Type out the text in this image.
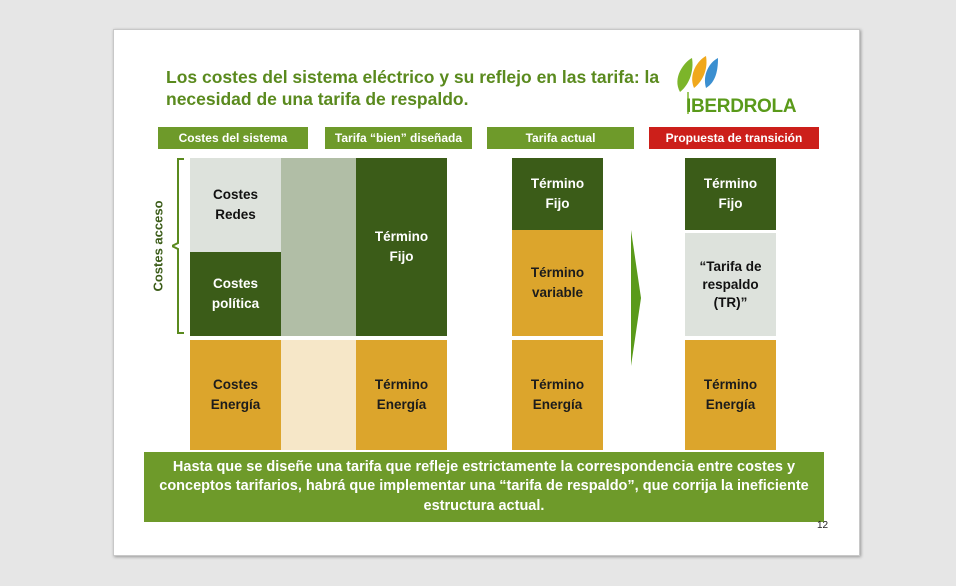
Los costes del sistema eléctrico y su reflejo en las tarifa: la necesidad de una tarifa de respaldo.	IBERDROLA
Costes del sistema	Tarifa “bien” diseñada	Tarifa actual	Propuesta de transición
Costes acceso
Costes Redes
Costes política
Costes
Energía
Término Fijo
Término Energía
Término Fijo
Término variable
Término Energía
Término Fijo
“Tarifa de respaldo (TR)”
Término Energía
Hasta que se diseñe una tarifa que refleje estrictamente la correspondencia entre costes y conceptos tarifarios, habrá que implementar una “tarifa de respaldo”, que corrija la ineficiente estructura actual.
12
